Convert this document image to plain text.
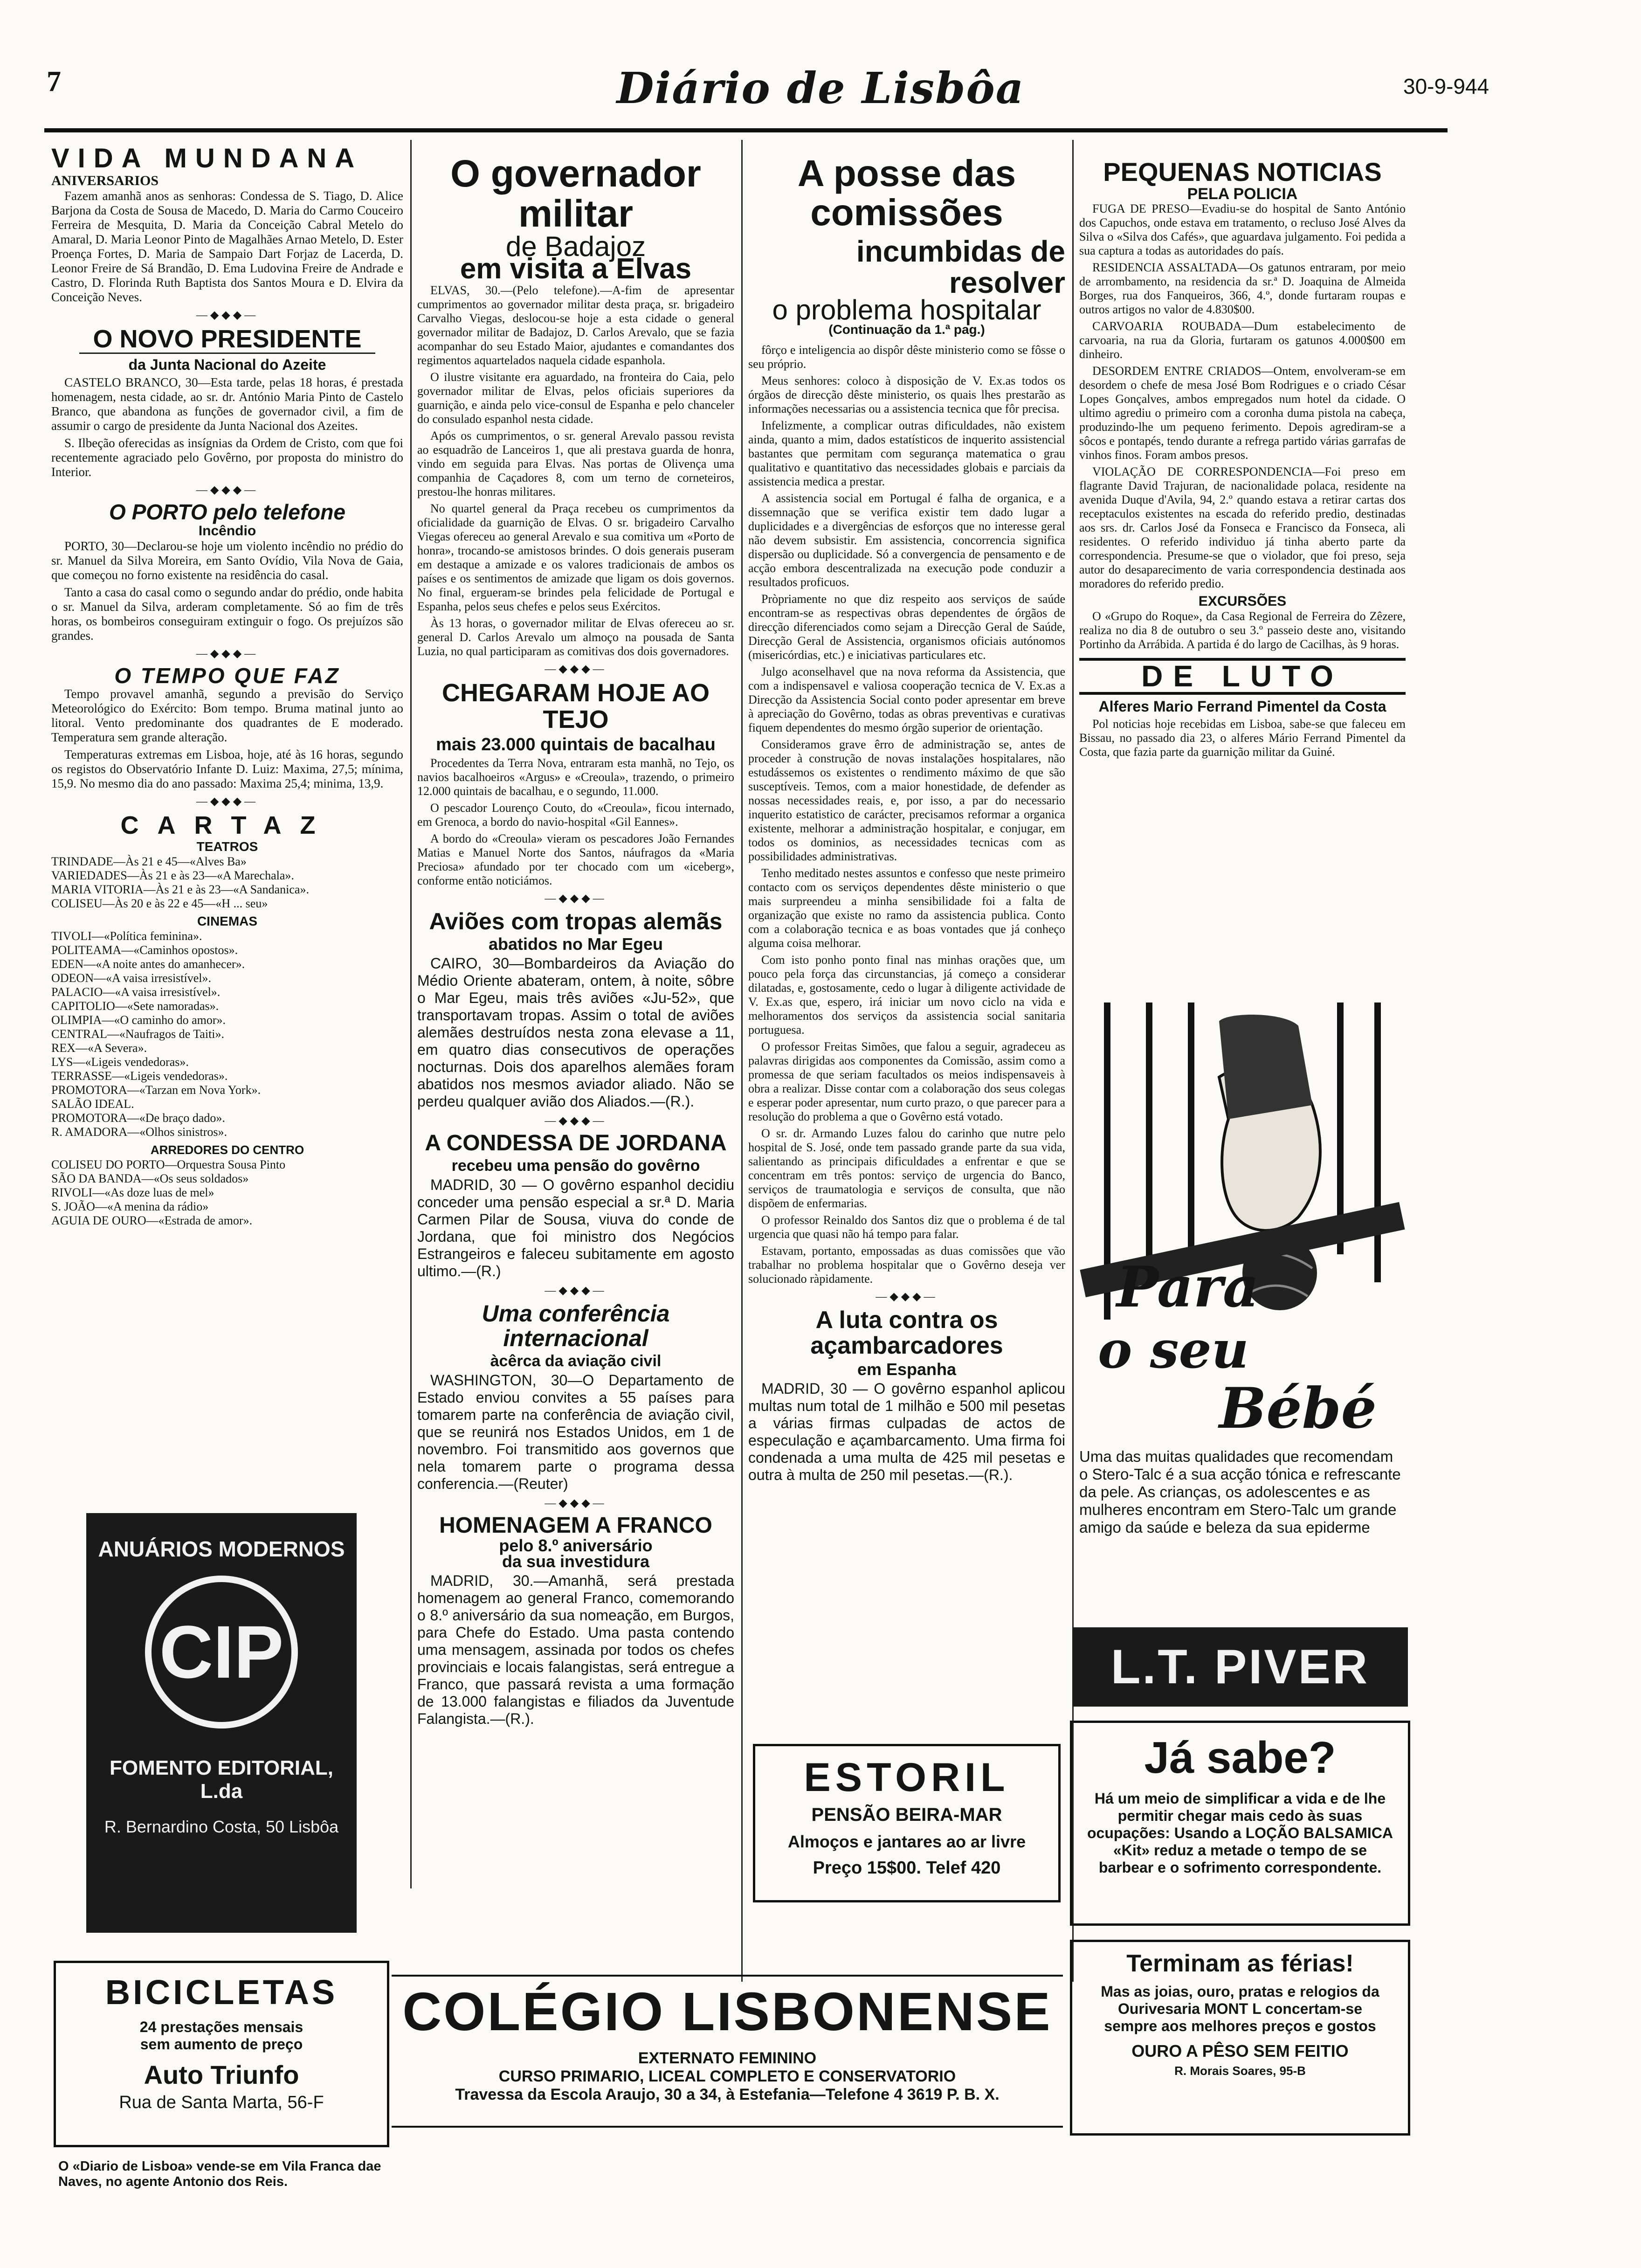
7	Diário de Lisbôa	30-9-944
VIDA MUNDANA
ANIVERSARIOS

Fazem amanhã anos as senhoras: Condessa de S. Tiago, D. Alice Barjona da Costa de Sousa de Macedo, D. Maria do Carmo Couceiro Ferreira de Mesquita, D. Maria da Conceição Cabral Metelo do Amaral, D. Maria Leonor Pinto de Magalhães Arnao Metelo, D. Ester Proença Fortes, D. Maria de Sampaio Dart Forjaz de Lacerda, D. Leonor Freire de Sá Brandão, D. Ema Ludovina Freire de Andrade e Castro, D. Florinda Ruth Baptista dos Santos Moura e D. Elvira da Conceição Neves.

—◆◆◆—
O NOVO PRESIDENTE
da Junta Nacional do Azeite

CASTELO BRANCO, 30—Esta tarde, pelas 18 horas, é prestada homenagem, nesta cidade, ao sr. dr. António Maria Pinto de Castelo Branco, que abandona as funções de governador civil, a fim de assumir o cargo de presidente da Junta Nacional dos Azeites.

S. Ilbeção oferecidas as insígnias da Ordem de Cristo, com que foi recentemente agraciado pelo Govêrno, por proposta do ministro do Interior.

—◆◆◆—
O PORTO pelo telefone
Incêndio

PORTO, 30—Declarou-se hoje um violento incêndio no prédio do sr. Manuel da Silva Moreira, em Santo Ovídio, Vila Nova de Gaia, que começou no forno existente na residência do casal.

Tanto a casa do casal como o segundo andar do prédio, onde habita o sr. Manuel da Silva, arderam completamente. Só ao fim de três horas, os bombeiros conseguiram extinguir o fogo. Os prejuízos são grandes.

—◆◆◆—
O TEMPO QUE FAZ

Tempo provavel amanhã, segundo a previsão do Serviço Meteorológico do Exército: Bom tempo. Bruma matinal junto ao litoral. Vento predominante dos quadrantes de E moderado. Temperatura sem grande alteração.

Temperaturas extremas em Lisboa, hoje, até às 16 horas, segundo os registos do Observatório Infante D. Luiz: Maxima, 27,5; mínima, 15,9. No mesmo dia do ano passado: Maxima 25,4; minima, 13,9.

—◆◆◆—
CARTAZ
TEATROS
TRINDADE—Às 21 e 45—«Alves Ba»
VARIEDADES—Às 21 e às 23—«A Marechala».
MARIA VITORIA—Às 21 e às 23—«A Sandanica».
COLISEU—Às 20 e às 22 e 45—«H ... seu»
CINEMAS
TIVOLI—«Política feminina».
POLITEAMA—«Caminhos opostos».
EDEN—«A noite antes do amanhecer».
ODEON—«A vaisa irresistível».
PALACIO—«A vaisa irresistível».
CAPITOLIO—«Sete namoradas».
OLIMPIA—«O caminho do amor».
CENTRAL—«Naufragos de Taiti».
REX—«A Severa».
LYS—«Ligeis vendedoras».
TERRASSE—«Ligeis vendedoras».
PROMOTORA—«Tarzan em Nova York».
SALÃO IDEAL.
PROMOTORA—«De braço dado».
R. AMADORA—«Olhos sinistros».
ARREDORES DO CENTRO
COLISEU DO PORTO—Orquestra Sousa Pinto
SÃO DA BANDA—«Os seus soldados»
RIVOLI—«As doze luas de mel»
S. JOÃO—«A menina da rádio»
AGUIA DE OURO—«Estrada de amor».
ANUÁRIOS MODERNOS
CIP
FOMENTO EDITORIAL, L.da
R. Bernardino Costa, 50 Lisbôa
BICICLETAS
24 prestações mensais
sem aumento de preço
Auto Triunfo
Rua de Santa Marta, 56-F
O «Diario de Lisboa» vende-se em Vila Franca dae Naves, no agente Antonio dos Reis.
O governador militar
de Badajoz
em visita a Elvas

ELVAS, 30.—(Pelo telefone).—A-fim de apresentar cumprimentos ao governador militar desta praça, sr. brigadeiro Carvalho Viegas, deslocou-se hoje a esta cidade o general governador militar de Badajoz, D. Carlos Arevalo, que se fazia acompanhar do seu Estado Maior, ajudantes e comandantes dos regimentos aquartelados naquela cidade espanhola.

O ilustre visitante era aguardado, na fronteira do Caia, pelo governador militar de Elvas, pelos oficiais superiores da guarnição, e ainda pelo vice-consul de Espanha e pelo chanceler do consulado espanhol nesta cidade.

Após os cumprimentos, o sr. general Arevalo passou revista ao esquadrão de Lanceiros 1, que ali prestava guarda de honra, vindo em seguida para Elvas. Nas portas de Olivença uma companhia de Caçadores 8, com um terno de corneteiros, prestou-lhe honras militares.

No quartel general da Praça recebeu os cumprimentos da oficialidade da guarnição de Elvas. O sr. brigadeiro Carvalho Viegas ofereceu ao general Arevalo e sua comitiva um «Porto de honra», trocando-se amistosos brindes. O dois generais puseram em destaque a amizade e os valores tradicionais de ambos os países e os sentimentos de amizade que ligam os dois governos. No final, ergueram-se brindes pela felicidade de Portugal e Espanha, pelos seus chefes e pelos seus Exércitos.

Às 13 horas, o governador militar de Elvas ofereceu ao sr. general D. Carlos Arevalo um almoço na pousada de Santa Luzia, no qual participaram as comitivas dos dois governadores.

—◆◆◆—
CHEGARAM HOJE AO TEJO
mais 23.000 quintais de bacalhau

Procedentes da Terra Nova, entraram esta manhã, no Tejo, os navios bacalhoeiros «Argus» e «Creoula», trazendo, o primeiro 12.000 quintais de bacalhau, e o segundo, 11.000.

O pescador Lourenço Couto, do «Creoula», ficou internado, em Grenoca, a bordo do navio-hospital «Gil Eannes».

A bordo do «Creoula» vieram os pescadores João Fernandes Matias e Manuel Norte dos Santos, náufragos da «Maria Preciosa» afundado por ter chocado com um «iceberg», conforme então noticiámos.

—◆◆◆—
Aviões com tropas alemãs
abatidos no Mar Egeu

CAIRO, 30—Bombardeiros da Aviação do Médio Oriente abateram, ontem, à noite, sôbre o Mar Egeu, mais três aviões «Ju-52», que transportavam tropas. Assim o total de aviões alemães destruídos nesta zona elevase a 11, em quatro dias consecutivos de operações nocturnas. Dois dos aparelhos alemães foram abatidos nos mesmos aviador aliado. Não se perdeu qualquer avião dos Aliados.—(R.).

—◆◆◆—
A CONDESSA DE JORDANA
recebeu uma pensão do govêrno

MADRID, 30 — O govêrno espanhol decidiu conceder uma pensão especial a sr.ª D. Maria Carmen Pilar de Sousa, viuva do conde de Jordana, que foi ministro dos Negócios Estrangeiros e faleceu subitamente em agosto ultimo.—(R.)

—◆◆◆—
Uma conferência internacional
àcêrca da aviação civil

WASHINGTON, 30—O Departamento de Estado enviou convites a 55 países para tomarem parte na conferência de aviação civil, que se reunirá nos Estados Unidos, em 1 de novembro. Foi transmitido aos governos que nela tomarem parte o programa dessa conferencia.—(Reuter)

—◆◆◆—
HOMENAGEM A FRANCO
pelo 8.º aniversário
da sua investidura

MADRID, 30.—Amanhã, será prestada homenagem ao general Franco, comemorando o 8.º aniversário da sua nomeação, em Burgos, para Chefe do Estado. Uma pasta contendo uma mensagem, assinada por todos os chefes provinciais e locais falangistas, será entregue a Franco, que passará revista a uma formação de 13.000 falangistas e filiados da Juventude Falangista.—(R.).

A posse das comissões
incumbidas de resolver
o problema hospitalar
(Continuação da 1.ª pag.)

fôrço e inteligencia ao dispôr dêste ministerio como se fôsse o seu próprio.

Meus senhores: coloco à disposição de V. Ex.as todos os órgãos de direcção dêste ministerio, os quais lhes prestarão as informações necessarias ou a assistencia tecnica que fôr precisa.

Infelizmente, a complicar outras dificuldades, não existem ainda, quanto a mim, dados estatísticos de inquerito assistencial bastantes que permitam com segurança matematica o grau qualitativo e quantitativo das necessidades globais e parciais da assistencia medica a prestar.

A assistencia social em Portugal é falha de organica, e a dissemnação que se verifica existir tem dado lugar a duplicidades e a divergências de esforços que no interesse geral não devem subsistir. Em assistencia, concorrencia significa dispersão ou duplicidade. Só a convergencia de pensamento e de acção embora descentralizada na execução pode conduzir a resultados proficuos.

Pròpriamente no que diz respeito aos serviços de saúde encontram-se as respectivas obras dependentes de órgãos de direcção diferenciados como sejam a Direcção Geral de Saúde, Direcção Geral de Assistencia, organismos oficiais autónomos (misericórdias, etc.) e iniciativas particulares etc.

Julgo aconselhavel que na nova reforma da Assistencia, que com a indispensavel e valiosa cooperação tecnica de V. Ex.as a Direcção da Assistencia Social conto poder apresentar em breve à apreciação do Govêrno, todas as obras preventivas e curativas fiquem dependentes do mesmo órgão superior de orientação.

Consideramos grave êrro de administração se, antes de proceder à construção de novas instalações hospitalares, não estudássemos os existentes o rendimento máximo de que são susceptíveis. Temos, com a maior honestidade, de defender as nossas necessidades reais, e, por isso, a par do necessario inquerito estatistico de carácter, precisamos reformar a organica existente, melhorar a administração hospitalar, e conjugar, em todos os dominios, as necessidades tecnicas com as possibilidades administrativas.

Tenho meditado nestes assuntos e confesso que neste primeiro contacto com os serviços dependentes dêste ministerio o que mais surpreendeu a minha sensibilidade foi a falta de organização que existe no ramo da assistencia publica. Conto com a colaboração tecnica e as boas vontades que já conheço alguma coisa melhorar.

Com isto ponho ponto final nas minhas orações que, um pouco pela força das circunstancias, já começo a considerar dilatadas, e, gostosamente, cedo o lugar à diligente actividade de V. Ex.as que, espero, irá iniciar um novo ciclo na vida e melhoramentos dos serviços da assistencia social sanitaria portuguesa.

O professor Freitas Simões, que falou a seguir, agradeceu as palavras dirigidas aos componentes da Comissão, assim como a promessa de que seriam facultados os meios indispensaveis à obra a realizar. Disse contar com a colaboração dos seus colegas e esperar poder apresentar, num curto prazo, o que parecer para a resolução do problema a que o Govêrno está votado.

O sr. dr. Armando Luzes falou do carinho que nutre pelo hospital de S. José, onde tem passado grande parte da sua vida, salientando as principais dificuldades a enfrentar e que se concentram em três pontos: serviço de urgencia do Banco, serviços de traumatologia e serviços de consulta, que não dispõem de enfermarias.

O professor Reinaldo dos Santos diz que o problema é de tal urgencia que quasi não há tempo para falar.

Estavam, portanto, empossadas as duas comissões que vão trabalhar no problema hospitalar que o Govêrno deseja ver solucionado ràpidamente.

—◆◆◆—
A luta contra os açambarcadores
em Espanha

MADRID, 30 — O govêrno espanhol aplicou multas num total de 1 milhão e 500 mil pesetas a várias firmas culpadas de actos de especulação e açambarcamento. Uma firma foi condenada a uma multa de 425 mil pesetas e outra à multa de 250 mil pesetas.—(R.).

ESTORIL
PENSÃO BEIRA-MAR
Almoços e jantares ao ar livre
Preço 15$00. Telef 420
PEQUENAS NOTICIAS
PELA POLICIA

FUGA DE PRESO—Evadiu-se do hospital de Santo António dos Capuchos, onde estava em tratamento, o recluso José Alves da Silva o «Silva dos Cafés», que aguardava julgamento. Foi pedida a sua captura a todas as autoridades do país.

RESIDENCIA ASSALTADA—Os gatunos entraram, por meio de arrombamento, na residencia da sr.ª D. Joaquina de Almeida Borges, rua dos Fanqueiros, 366, 4.º, donde furtaram roupas e outros artigos no valor de 4.830$00.

CARVOARIA ROUBADA—Dum estabelecimento de carvoaria, na rua da Gloria, furtaram os gatunos 4.000$00 em dinheiro.

DESORDEM ENTRE CRIADOS—Ontem, envolveram-se em desordem o chefe de mesa José Bom Rodrigues e o criado César Lopes Gonçalves, ambos empregados num hotel da cidade. O ultimo agrediu o primeiro com a coronha duma pistola na cabeça, produzindo-lhe um pequeno ferimento. Depois agrediram-se a sôcos e pontapés, tendo durante a refrega partido várias garrafas de vinhos finos. Foram ambos presos.

VIOLAÇÃO DE CORRESPONDENCIA—Foi preso em flagrante David Trajuran, de nacionalidade polaca, residente na avenida Duque d'Avila, 94, 2.º quando estava a retirar cartas dos receptaculos existentes na escada do referido predio, destinadas aos srs. dr. Carlos José da Fonseca e Francisco da Fonseca, ali residentes. O referido individuo já tinha aberto parte da correspondencia. Presume-se que o violador, que foi preso, seja autor do desaparecimento de varia correspondencia destinada aos moradores do referido predio.

EXCURSÕES

O «Grupo do Roque», da Casa Regional de Ferreira do Zêzere, realiza no dia 8 de outubro o seu 3.º passeio deste ano, visitando Portinho da Arrábida. A partida é do largo de Cacilhas, às 9 horas.

DE LUTO
Alferes Mario Ferrand Pimentel da Costa

Pol noticias hoje recebidas em Lisboa, sabe-se que faleceu em Bissau, no passado dia 23, o alferes Mário Ferrand Pimentel da Costa, que fazia parte da guarnição militar da Guiné.

Para
o seu
Bébé
Uma das muitas qualidades que recomendam o Stero-Talc é a sua acção tónica e refrescante da pele. As crianças, os adolescentes e as mulheres encontram em Stero-Talc um grande amigo da saúde e beleza da sua epiderme
L.T. PIVER
Já sabe?
Há um meio de simplificar a vida e de lhe permitir chegar mais cedo às suas ocupações: Usando a LOÇÃO BALSAMICA «Kit» reduz a metade o tempo de se barbear e o sofrimento correspondente.
Terminam as férias!
Mas as joias, ouro, pratas e relogios da Ourivesaria MONT L concertam-se sempre aos melhores preços e gostos
OURO A PÊSO SEM FEITIO
R. Morais Soares, 95-B
COLÉGIO LISBONENSE
EXTERNATO FEMININO
CURSO PRIMARIO, LICEAL COMPLETO E CONSERVATORIO
Travessa da Escola Araujo, 30 a 34, à Estefania—Telefone 4 3619 P. B. X.
